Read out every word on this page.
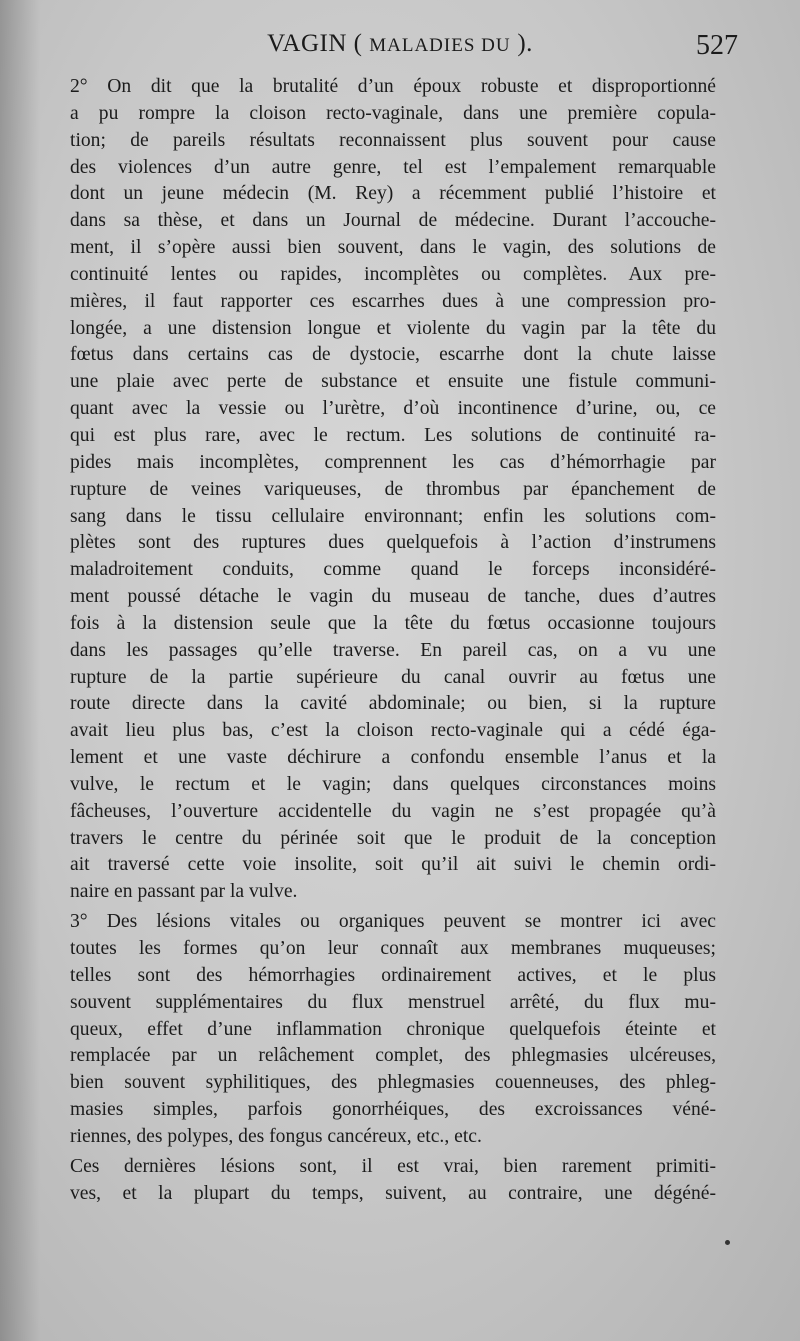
VAGIN ( MALADIES DU ).	527
2° On dit que la brutalité d’un époux robuste et disproportionné
a pu rompre la cloison recto-vaginale, dans une première copula-
tion; de pareils résultats reconnaissent plus souvent pour cause
des violences d’un autre genre, tel est l’empalement remarquable
dont un jeune médecin (M. Rey) a récemment publié l’histoire et
dans sa thèse, et dans un Journal de médecine. Durant l’accouche-
ment, il s’opère aussi bien souvent, dans le vagin, des solutions de
continuité lentes ou rapides, incomplètes ou complètes. Aux pre-
mières, il faut rapporter ces escarrhes dues à une compression pro-
longée, a une distension longue et violente du vagin par la tête du
fœtus dans certains cas de dystocie, escarrhe dont la chute laisse
une plaie avec perte de substance et ensuite une fistule communi-
quant avec la vessie ou l’urètre, d’où incontinence d’urine, ou, ce
qui est plus rare, avec le rectum. Les solutions de continuité ra-
pides mais incomplètes, comprennent les cas d’hémorrhagie par
rupture de veines variqueuses, de thrombus par épanchement de
sang dans le tissu cellulaire environnant; enfin les solutions com-
plètes sont des ruptures dues quelquefois à l’action d’instrumens
maladroitement conduits, comme quand le forceps inconsidéré-
ment poussé détache le vagin du museau de tanche, dues d’autres
fois à la distension seule que la tête du fœtus occasionne toujours
dans les passages qu’elle traverse. En pareil cas, on a vu une
rupture de la partie supérieure du canal ouvrir au fœtus une
route directe dans la cavité abdominale; ou bien, si la rupture
avait lieu plus bas, c’est la cloison recto-vaginale qui a cédé éga-
lement et une vaste déchirure a confondu ensemble l’anus et la
vulve, le rectum et le vagin; dans quelques circonstances moins
fâcheuses, l’ouverture accidentelle du vagin ne s’est propagée qu’à
travers le centre du périnée soit que le produit de la conception
ait traversé cette voie insolite, soit qu’il ait suivi le chemin ordi-
naire en passant par la vulve.
3° Des lésions vitales ou organiques peuvent se montrer ici avec
toutes les formes qu’on leur connaît aux membranes muqueuses;
telles sont des hémorrhagies ordinairement actives, et le plus
souvent supplémentaires du flux menstruel arrêté, du flux mu-
queux, effet d’une inflammation chronique quelquefois éteinte et
remplacée par un relâchement complet, des phlegmasies ulcéreuses,
bien souvent syphilitiques, des phlegmasies couenneuses, des phleg-
masies simples, parfois gonorrhéiques, des excroissances véné-
riennes, des polypes, des fongus cancéreux, etc., etc.
Ces dernières lésions sont, il est vrai, bien rarement primiti-
ves, et la plupart du temps, suivent, au contraire, une dégéné-
